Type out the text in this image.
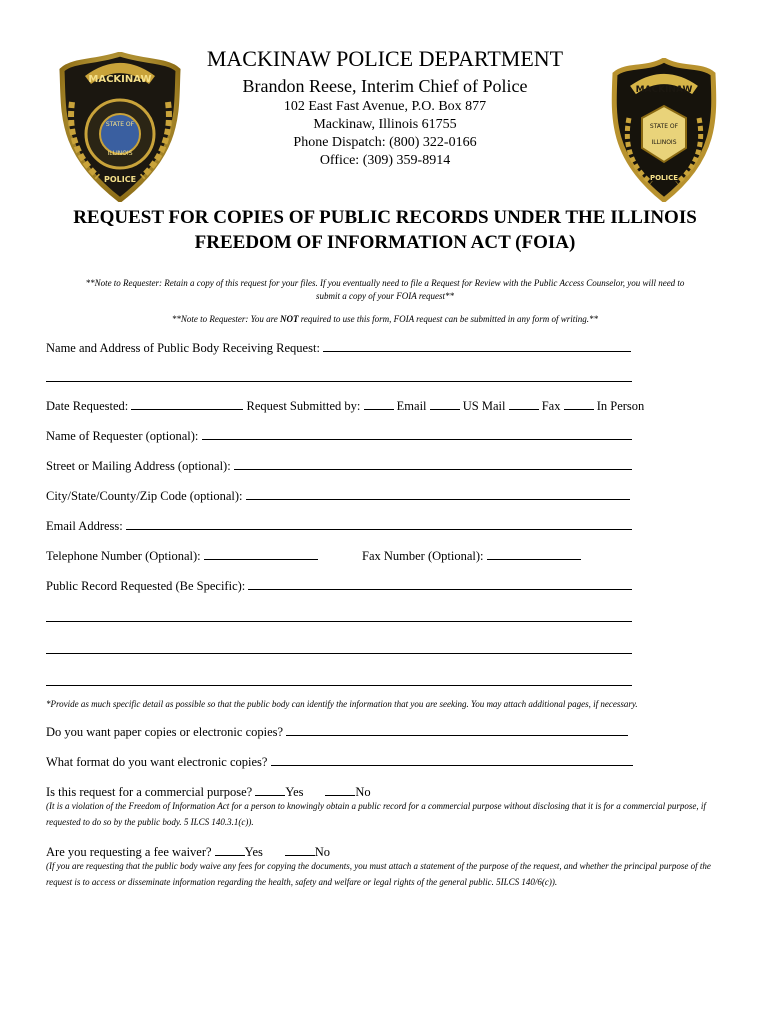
MACKINAW
STATE OF
ILLINOIS
POLICE
MACKINAW
STATE OF
ILLINOIS
POLICE
MACKINAW POLICE DEPARTMENT
Brandon Reese, Interim Chief of Police
102 East Fast Avenue, P.O. Box 877
Mackinaw, Illinois 61755
Phone Dispatch: (800) 322-0166
Office: (309) 359-8914
REQUEST FOR COPIES OF PUBLIC RECORDS UNDER THE ILLINOIS
FREEDOM OF INFORMATION ACT (FOIA)
**Note to Requester: Retain a copy of this request for your files. If you eventually need to file a Request for Review with the Public Access Counselor, you will need to
submit a copy of your FOIA request**
**Note to Requester: You are NOT required to use this form, FOIA request can be submitted in any form of writing.**
Name and Address of Public Body Receiving Request:
Date Requested:	Request Submitted by:	Email	US Mail	Fax	In Person
Name of Requester (optional):
Street or Mailing Address (optional):
City/State/County/Zip Code (optional):
Email Address:
Telephone Number (Optional):	Fax Number (Optional):
Public Record Requested (Be Specific):
*Provide as much specific detail as possible so that the public body can identify the information that you are seeking. You may attach additional pages, if necessary.
Do you want paper copies or electronic copies?
What format do you want electronic copies?
Is this request for a commercial purpose?	Yes	No
(It is a violation of the Freedom of Information Act for a person to knowingly obtain a public record for a commercial purpose without disclosing that it is for a commercial purpose, if requested to do so by the public body. 5 ILCS 140.3.1(c)).
Are you requesting a fee waiver?	Yes	No
(If you are requesting that the public body waive any fees for copying the documents, you must attach a statement of the purpose of the request, and whether the principal purpose of the request is to access or disseminate information regarding the health, safety and welfare or legal rights of the general public. 5ILCS 140/6(c)).
